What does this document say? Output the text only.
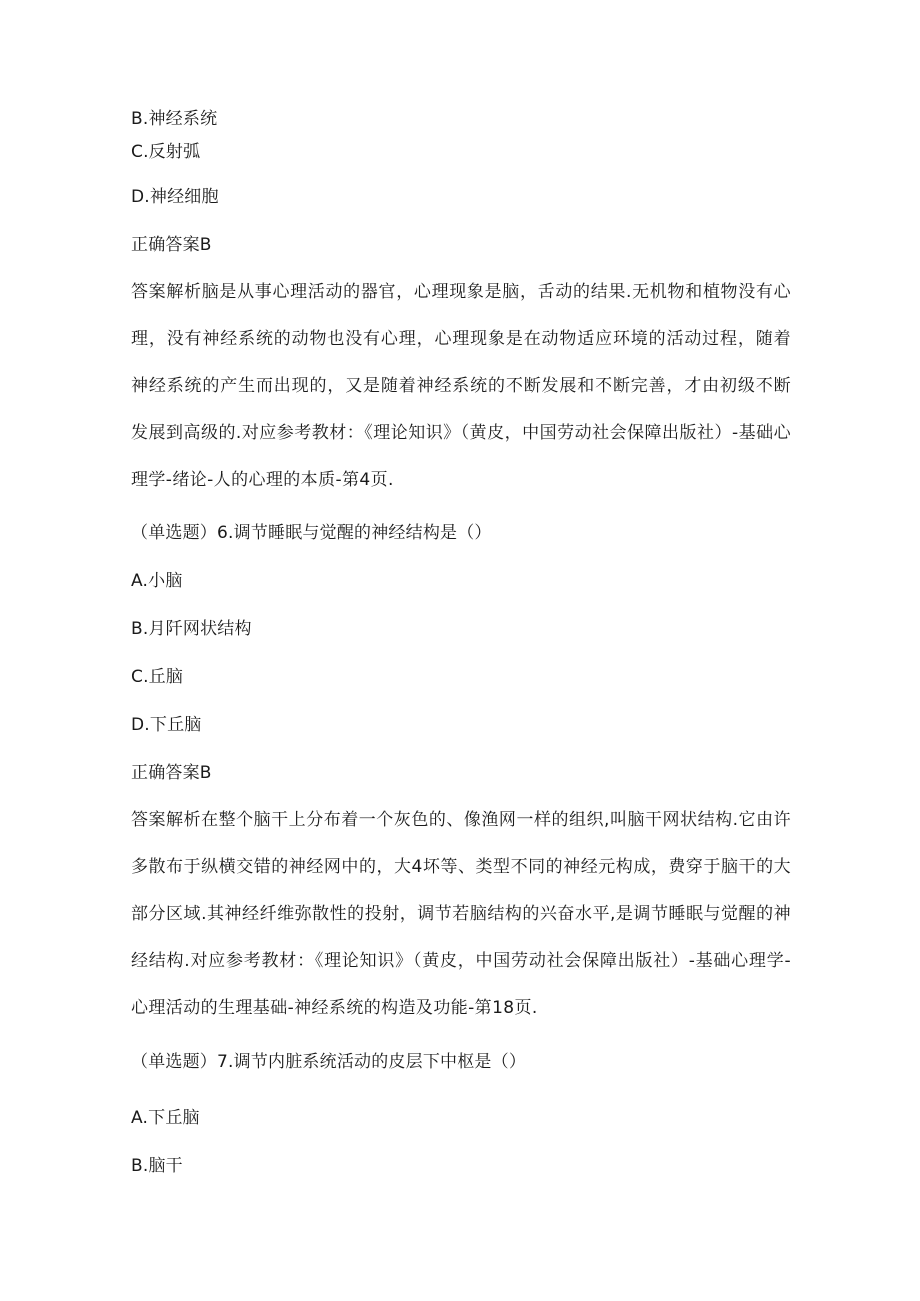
B.神经系统
C.反射弧
D.神经细胞
正确答案B
答案解析脑是从事心理活动的器官，心理现象是脑，舌动的结果.无机物和植物没有心理，没有神经系统的动物也没有心理，心理现象是在动物适应环境的活动过程，随着神经系统的产生而出现的，又是随着神经系统的不断发展和不断完善，才由初级不断发展到高级的.对应参考教材：《理论知识》（黄皮，中国劳动社会保障出版社）-基础心理学-绪论-人的心理的本质-第4页.
（单选题）6.调节睡眠与觉醒的神经结构是（）
A.小脑
B.月阡网状结构
C.丘脑
D.下丘脑
正确答案B
答案解析在整个脑干上分布着一个灰色的、像渔网一样的组织,叫脑干网状结构.它由许多散布于纵横交错的神经网中的，大4坏等、类型不同的神经元构成，费穿于脑干的大部分区域.其神经纤维弥散性的投射，调节若脑结构的兴奋水平,是调节睡眠与觉醒的神经结构.对应参考教材：《理论知识》（黄皮，中国劳动社会保障出版社）-基础心理学-心理活动的生理基础-神经系统的构造及功能-第18页.
（单选题）7.调节内脏系统活动的皮层下中枢是（）
A.下丘脑
B.脑干
